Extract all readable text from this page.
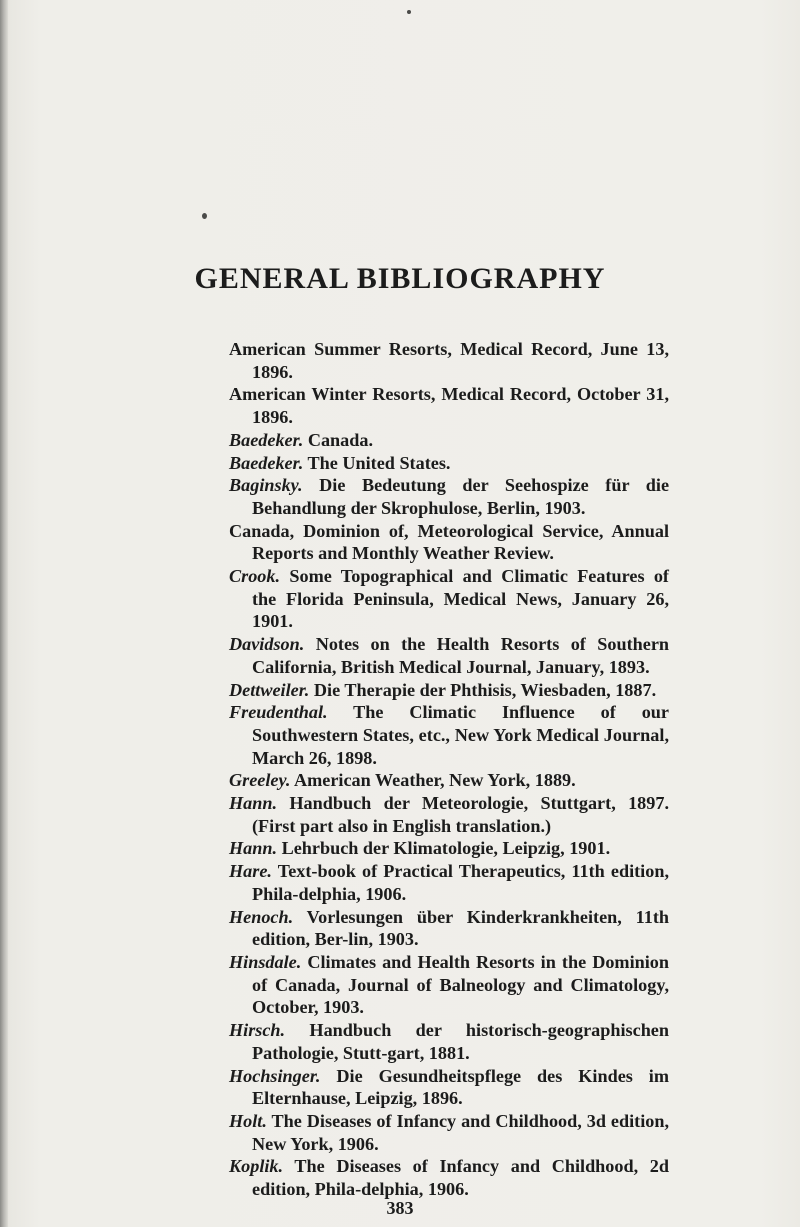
GENERAL BIBLIOGRAPHY
American Summer Resorts, Medical Record, June 13, 1896.
American Winter Resorts, Medical Record, October 31, 1896.
Baedeker. Canada.
Baedeker. The United States.
Baginsky. Die Bedeutung der Seehospize für die Behandlung der Skrophulose, Berlin, 1903.
Canada, Dominion of, Meteorological Service, Annual Reports and Monthly Weather Review.
Crook. Some Topographical and Climatic Features of the Florida Peninsula, Medical News, January 26, 1901.
Davidson. Notes on the Health Resorts of Southern California, British Medical Journal, January, 1893.
Dettweiler. Die Therapie der Phthisis, Wiesbaden, 1887.
Freudenthal. The Climatic Influence of our Southwestern States, etc., New York Medical Journal, March 26, 1898.
Greeley. American Weather, New York, 1889.
Hann. Handbuch der Meteorologie, Stuttgart, 1897. (First part also in English translation.)
Hann. Lehrbuch der Klimatologie, Leipzig, 1901.
Hare. Text-book of Practical Therapeutics, 11th edition, Phila-delphia, 1906.
Henoch. Vorlesungen über Kinderkrankheiten, 11th edition, Ber-lin, 1903.
Hinsdale. Climates and Health Resorts in the Dominion of Canada, Journal of Balneology and Climatology, October, 1903.
Hirsch. Handbuch der historisch-geographischen Pathologie, Stutt-gart, 1881.
Hochsinger. Die Gesundheitspflege des Kindes im Elternhause, Leipzig, 1896.
Holt. The Diseases of Infancy and Childhood, 3d edition, New York, 1906.
Koplik. The Diseases of Infancy and Childhood, 2d edition, Phila-delphia, 1906.
383
